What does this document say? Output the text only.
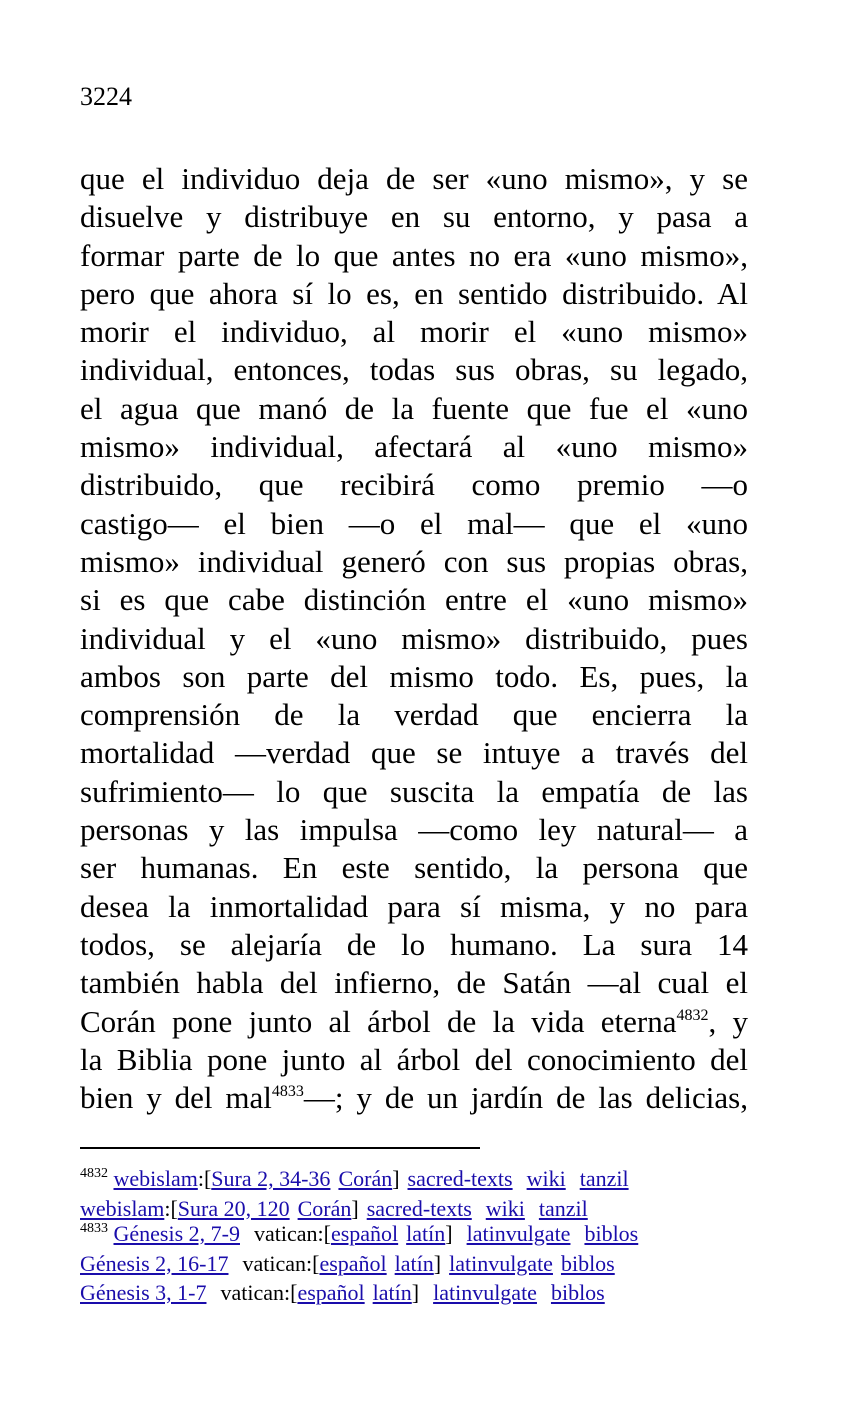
3224
que el individuo deja de ser «uno mismo», y se
disuelve y distribuye en su entorno, y pasa a
formar parte de lo que antes no era «uno mismo»,
pero que ahora sí lo es, en sentido distribuido. Al
morir el individuo, al morir el «uno mismo»
individual, entonces, todas sus obras, su legado,
el agua que manó de la fuente que fue el «uno
mismo» individual, afectará al «uno mismo»
distribuido, que recibirá como premio —o
castigo— el bien —o el mal— que el «uno
mismo» individual generó con sus propias obras,
si es que cabe distinción entre el «uno mismo»
individual y el «uno mismo» distribuido, pues
ambos son parte del mismo todo. Es, pues, la
comprensión de la verdad que encierra la
mortalidad —verdad que se intuye a través del
sufrimiento— lo que suscita la empatía de las
personas y las impulsa —como ley natural— a
ser humanas. En este sentido, la persona que
desea la inmortalidad para sí misma, y no para
todos, se alejaría de lo humano. La sura 14
también habla del infierno, de Satán —al cual el
Corán pone junto al árbol de la vida eterna$^{4832}$, y
la Biblia pone junto al árbol del conocimiento del
bien y del mal$^{4833}$—; y de un jardín de las delicias,
$^{4832}$ webislam:[Sura 2, 34-36 Corán] sacred-texts wiki tanzil
webislam:[Sura 20, 120 Corán] sacred-texts wiki tanzil
$^{4833}$ Génesis 2, 7-9 vatican:[español latín] latinvulgate biblos
Génesis 2, 16-17 vatican:[español latín] latinvulgate biblos
Génesis 3, 1-7 vatican:[español latín] latinvulgate biblos
